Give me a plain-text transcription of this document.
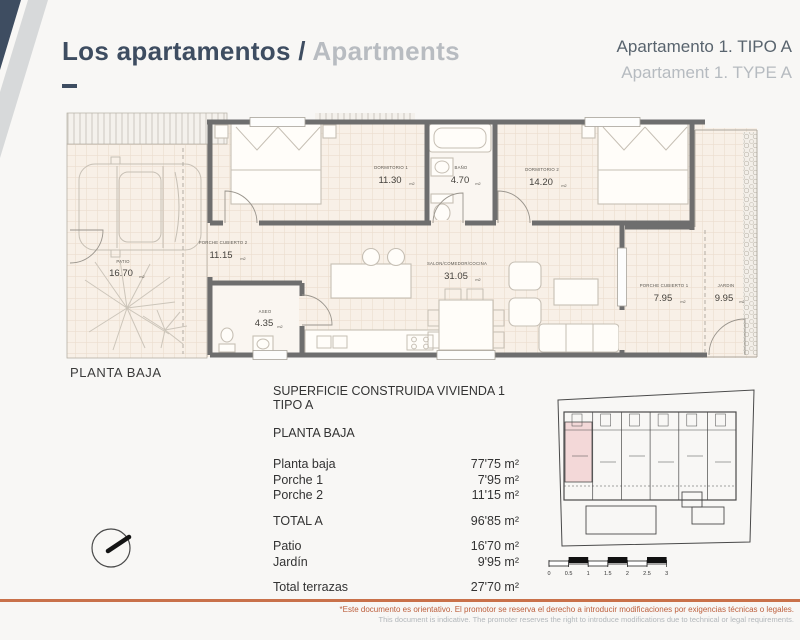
Los apartamentos / Apartments	Apartamento 1. TIPO A
Apartament 1. TYPE A
PATIO
16.70 m2
PORCHE CUBIERTO 2
11.15 m2
DORMITORIO 1
11.30 m2
BAÑO
4.70 m2
DORMITORIO 2
14.20 m2
SALON/COMEDOR/COCINA
31.05 m2
ASEO
4.35 m2
PORCHE CUBIERTO 1
7.95 m2
JARDIN
9.95 m2
PLANTA BAJA
SUPERFICIE CONSTRUIDA VIVIENDA 1 TIPO A
PLANTA BAJA
Planta baja	77'75 m²
Porche 1	7'95 m²
Porche 2	11'15 m²
TOTAL A	96'85 m²
Patio	16'70 m²
Jardín	9'95 m²
Total terrazas	27'70 m²
0	0.5	1	1.5	2	2.5	3
*Este documento es orientativo. El promotor se reserva el derecho a introducir modificaciones por exigencias técnicas o legales.
This document is indicative. The promoter reserves the right to introduce modifications due to technical or legal requirements.
